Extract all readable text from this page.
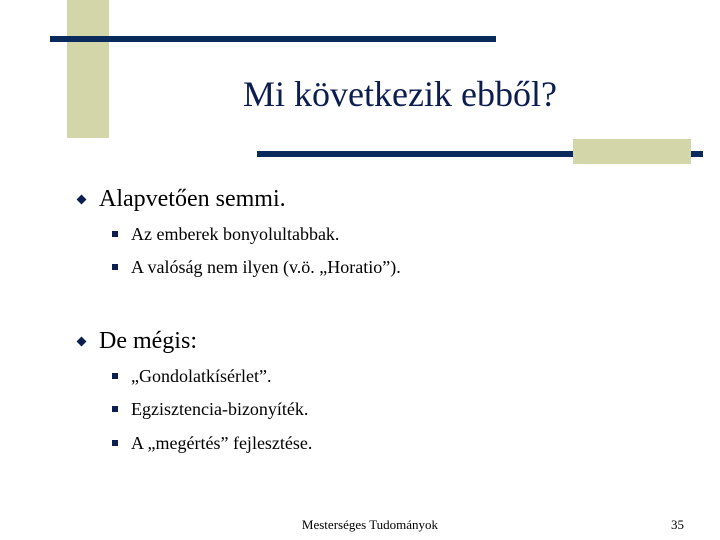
Mi következik ebből?
Alapvetően semmi.
Az emberek bonyolultabbak.
A valóság nem ilyen (v.ö. „Horatio”).
De mégis:
„Gondolatkísérlet”.
Egzisztencia-bizonyíték.
A „megértés” fejlesztése.
Mesterséges Tudományok	35
